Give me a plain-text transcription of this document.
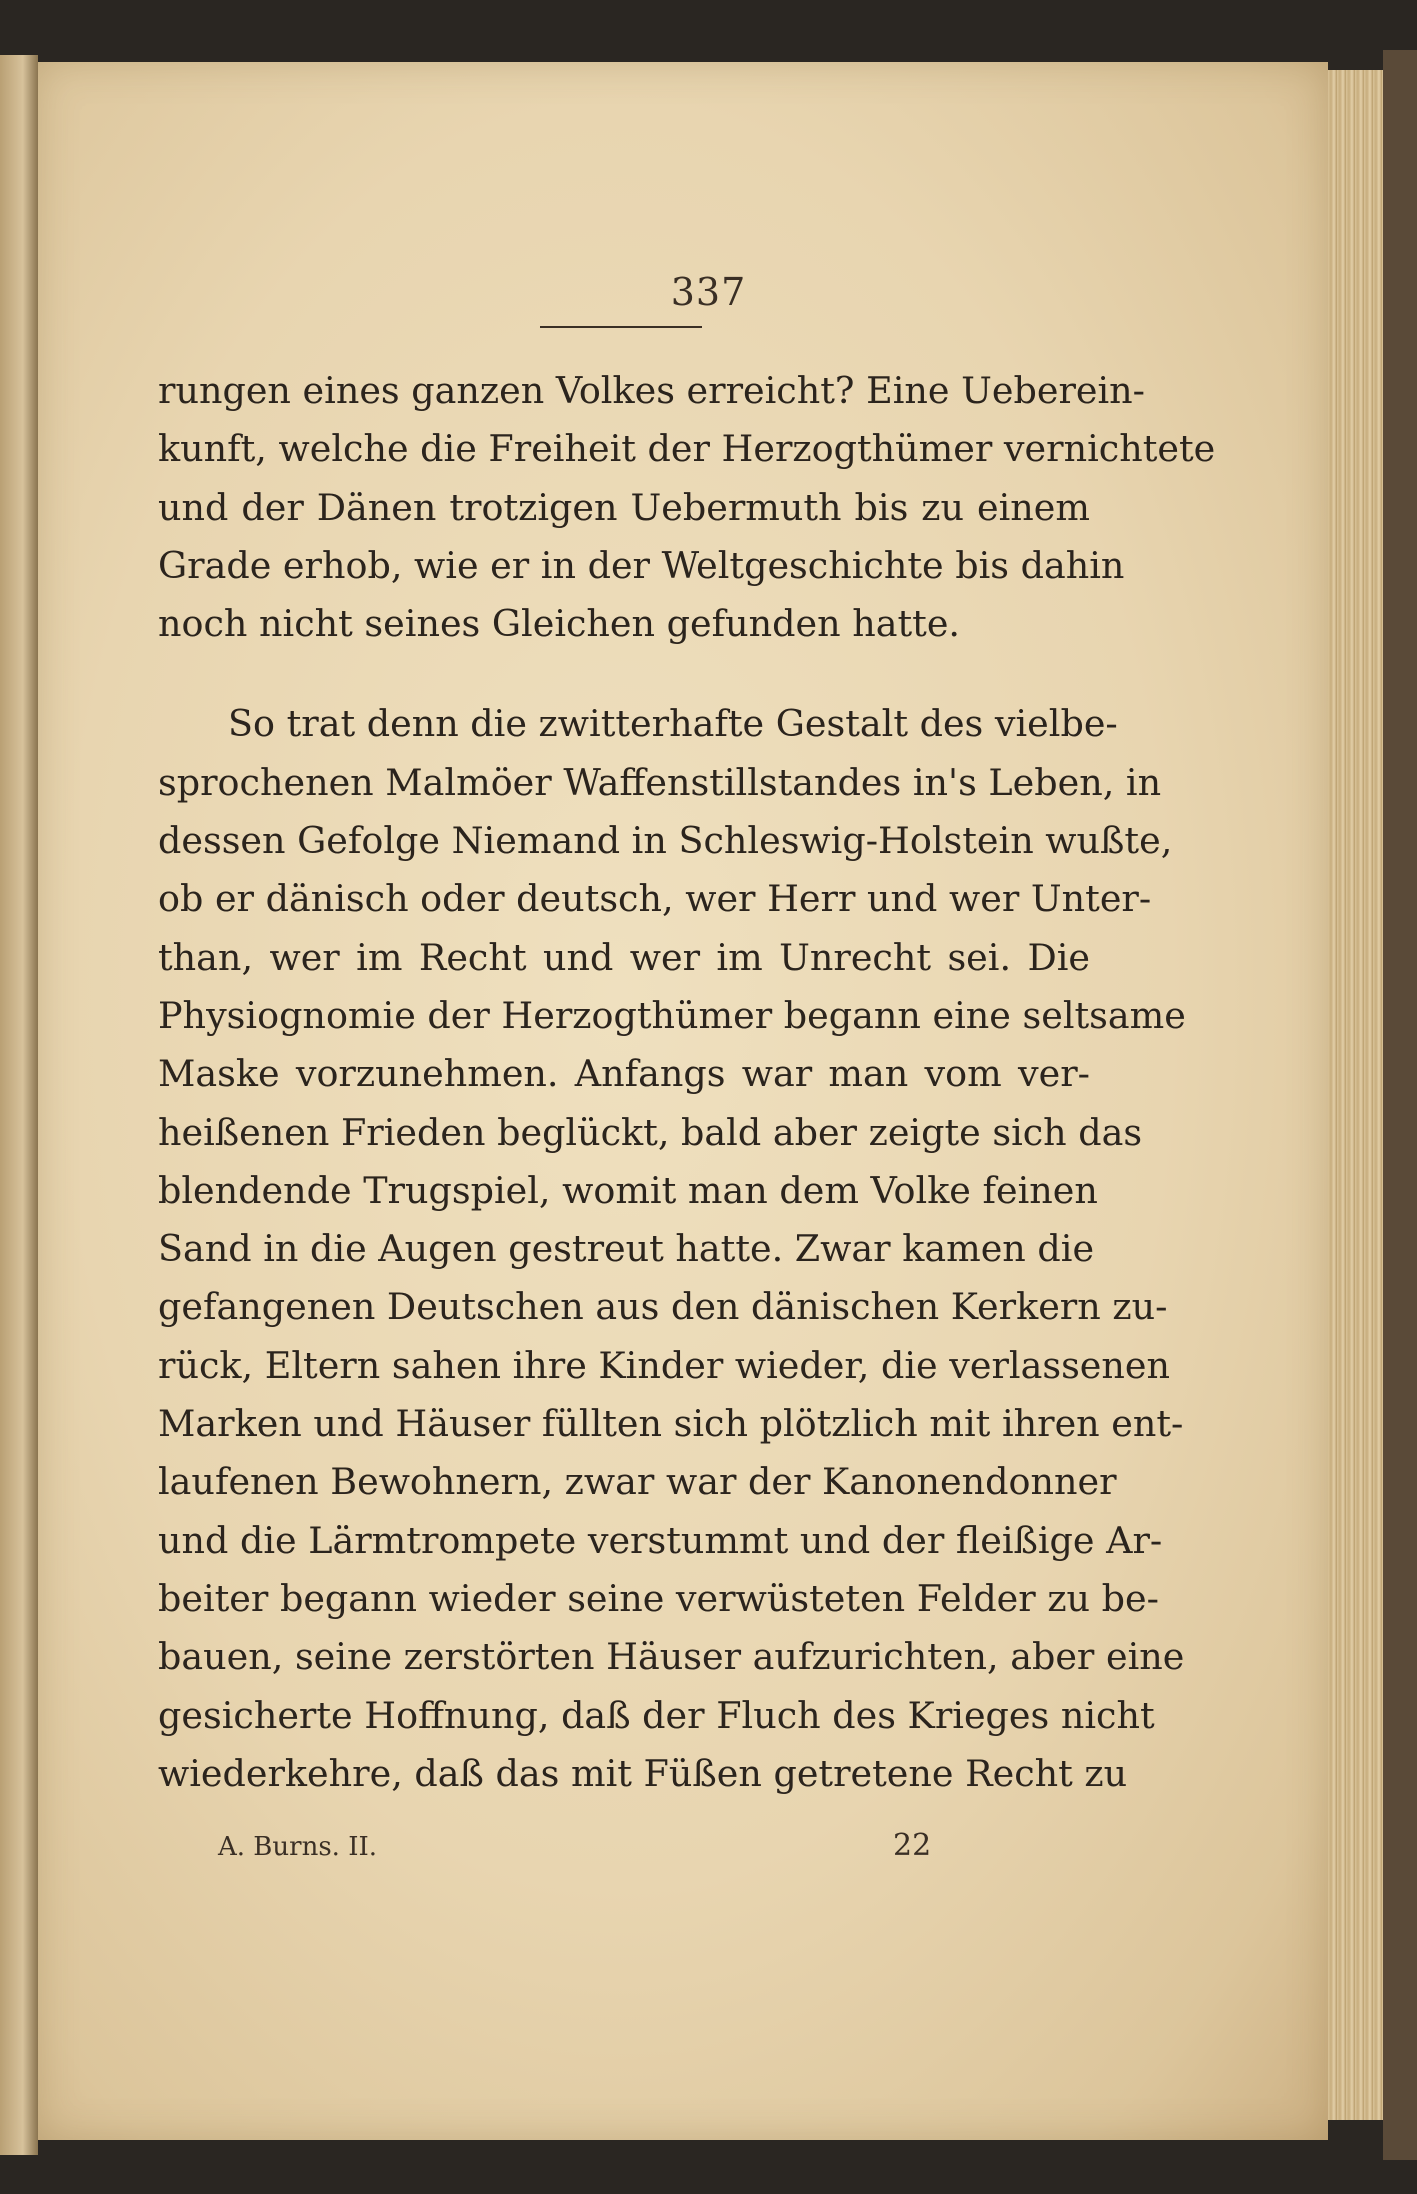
337
rungen eines ganzen Volkes erreicht? Eine Ueberein-
kunft, welche die Freiheit der Herzogthümer vernichtete
und der Dänen trotzigen Uebermuth bis zu einem
Grade erhob, wie er in der Weltgeschichte bis dahin
noch nicht seines Gleichen gefunden hatte.
So trat denn die zwitterhafte Gestalt des vielbe-
sprochenen Malmöer Waffenstillstandes in's Leben, in
dessen Gefolge Niemand in Schleswig-Holstein wußte,
ob er dänisch oder deutsch, wer Herr und wer Unter-
than, wer im Recht und wer im Unrecht sei. Die
Physiognomie der Herzogthümer begann eine seltsame
Maske vorzunehmen. Anfangs war man vom ver-
heißenen Frieden beglückt, bald aber zeigte sich das
blendende Trugspiel, womit man dem Volke feinen
Sand in die Augen gestreut hatte. Zwar kamen die
gefangenen Deutschen aus den dänischen Kerkern zu-
rück, Eltern sahen ihre Kinder wieder, die verlassenen
Marken und Häuser füllten sich plötzlich mit ihren ent-
laufenen Bewohnern, zwar war der Kanonendonner
und die Lärmtrompete verstummt und der fleißige Ar-
beiter begann wieder seine verwüsteten Felder zu be-
bauen, seine zerstörten Häuser aufzurichten, aber eine
gesicherte Hoffnung, daß der Fluch des Krieges nicht
wiederkehre, daß das mit Füßen getretene Recht zu
A. Burns. II.	22
